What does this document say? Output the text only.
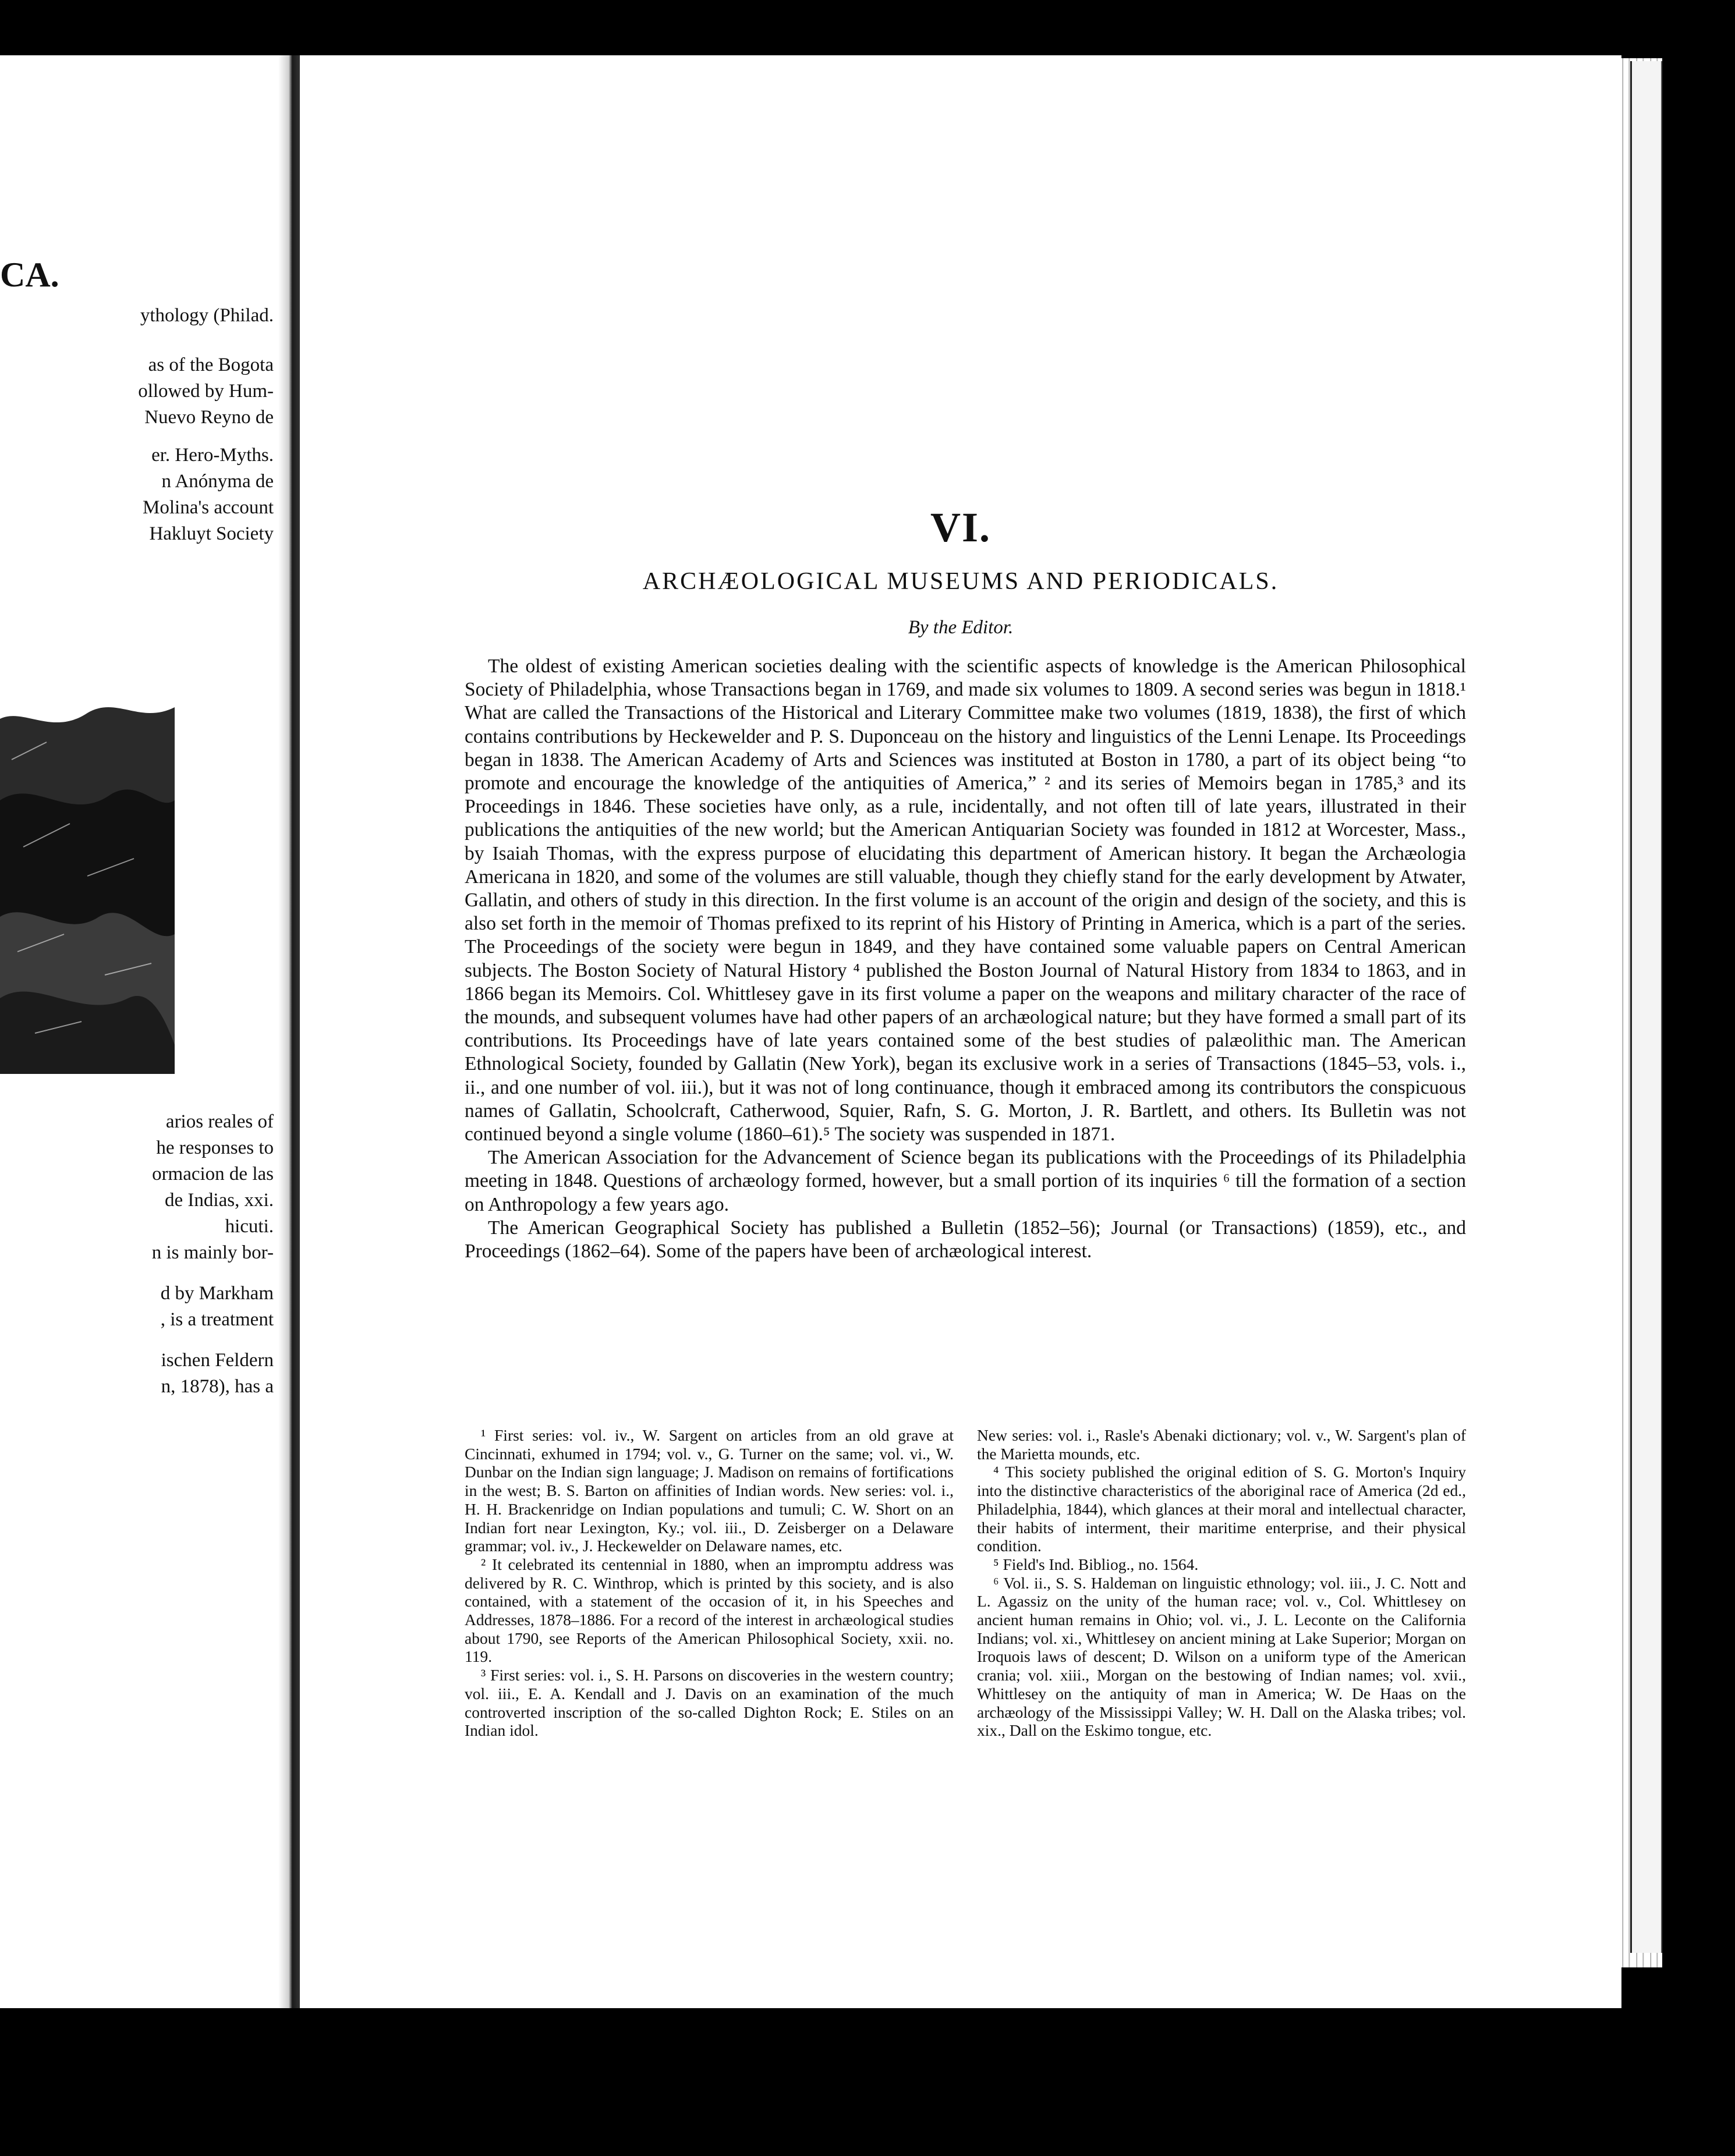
CA.
ythology (Philad.
as of the Bogota
ollowed by Hum-
Nuevo Reyno de
er. Hero-Myths.
n Anónyma de
Molina's account
Hakluyt Society
arios reales of
he responses to
ormacion de las
de Indias, xxi.
hicuti.
n is mainly bor-
d by Markham
, is a treatment
ischen Feldern
n, 1878), has a
VI.
ARCHÆOLOGICAL MUSEUMS AND PERIODICALS.
By the Editor.

The oldest of existing American societies dealing with the scientific aspects of knowledge is the American Philosophical Society of Philadelphia, whose Transactions began in 1769, and made six volumes to 1809. A second series was begun in 1818.¹ What are called the Transactions of the Historical and Literary Committee make two volumes (1819, 1838), the first of which contains contributions by Heckewelder and P. S. Duponceau on the history and linguistics of the Lenni Lenape. Its Proceedings began in 1838. The American Academy of Arts and Sciences was instituted at Boston in 1780, a part of its object being “to promote and encourage the knowledge of the antiquities of America,” ² and its series of Memoirs began in 1785,³ and its Proceedings in 1846. These societies have only, as a rule, incidentally, and not often till of late years, illustrated in their publications the antiquities of the new world; but the American Antiquarian Society was founded in 1812 at Worcester, Mass., by Isaiah Thomas, with the express purpose of elucidating this department of American history. It began the Archæologia Americana in 1820, and some of the volumes are still valuable, though they chiefly stand for the early development by Atwater, Gallatin, and others of study in this direction. In the first volume is an account of the origin and design of the society, and this is also set forth in the memoir of Thomas prefixed to its reprint of his History of Printing in America, which is a part of the series. The Proceedings of the society were begun in 1849, and they have contained some valuable papers on Central American subjects. The Boston Society of Natural History ⁴ published the Boston Journal of Natural History from 1834 to 1863, and in 1866 began its Memoirs. Col. Whittlesey gave in its first volume a paper on the weapons and military character of the race of the mounds, and subsequent volumes have had other papers of an archæological nature; but they have formed a small part of its contributions. Its Proceedings have of late years contained some of the best studies of palæolithic man. The American Ethnological Society, founded by Gallatin (New York), began its exclusive work in a series of Transactions (1845–53, vols. i., ii., and one number of vol. iii.), but it was not of long continuance, though it embraced among its contributors the conspicuous names of Gallatin, Schoolcraft, Catherwood, Squier, Rafn, S. G. Morton, J. R. Bartlett, and others. Its Bulletin was not continued beyond a single volume (1860–61).⁵ The society was suspended in 1871.

The American Association for the Advancement of Science began its publications with the Proceedings of its Philadelphia meeting in 1848. Questions of archæology formed, however, but a small portion of its inquiries ⁶ till the formation of a section on Anthropology a few years ago.

The American Geographical Society has published a Bulletin (1852–56); Journal (or Transactions) (1859), etc., and Proceedings (1862–64). Some of the papers have been of archæological interest.

¹ First series: vol. iv., W. Sargent on articles from an old grave at Cincinnati, exhumed in 1794; vol. v., G. Turner on the same; vol. vi., W. Dunbar on the Indian sign language; J. Madison on remains of fortifications in the west; B. S. Barton on affinities of Indian words. New series: vol. i., H. H. Brackenridge on Indian populations and tumuli; C. W. Short on an Indian fort near Lexington, Ky.; vol. iii., D. Zeisberger on a Delaware grammar; vol. iv., J. Heckewelder on Delaware names, etc.

² It celebrated its centennial in 1880, when an impromptu address was delivered by R. C. Winthrop, which is printed by this society, and is also contained, with a statement of the occasion of it, in his Speeches and Addresses, 1878–1886. For a record of the interest in archæological studies about 1790, see Reports of the American Philosophical Society, xxii. no. 119.

³ First series: vol. i., S. H. Parsons on discoveries in the western country; vol. iii., E. A. Kendall and J. Davis on an examination of the much controverted inscription of the so-called Dighton Rock; E. Stiles on an Indian idol.

New series: vol. i., Rasle's Abenaki dictionary; vol. v., W. Sargent's plan of the Marietta mounds, etc.

⁴ This society published the original edition of S. G. Morton's Inquiry into the distinctive characteristics of the aboriginal race of America (2d ed., Philadelphia, 1844), which glances at their moral and intellectual character, their habits of interment, their maritime enterprise, and their physical condition.

⁵ Field's Ind. Bibliog., no. 1564.

⁶ Vol. ii., S. S. Haldeman on linguistic ethnology; vol. iii., J. C. Nott and L. Agassiz on the unity of the human race; vol. v., Col. Whittlesey on ancient human remains in Ohio; vol. vi., J. L. Leconte on the California Indians; vol. xi., Whittlesey on ancient mining at Lake Superior; Morgan on Iroquois laws of descent; D. Wilson on a uniform type of the American crania; vol. xiii., Morgan on the bestowing of Indian names; vol. xvii., Whittlesey on the antiquity of man in America; W. De Haas on the archæology of the Mississippi Valley; W. H. Dall on the Alaska tribes; vol. xix., Dall on the Eskimo tongue, etc.
